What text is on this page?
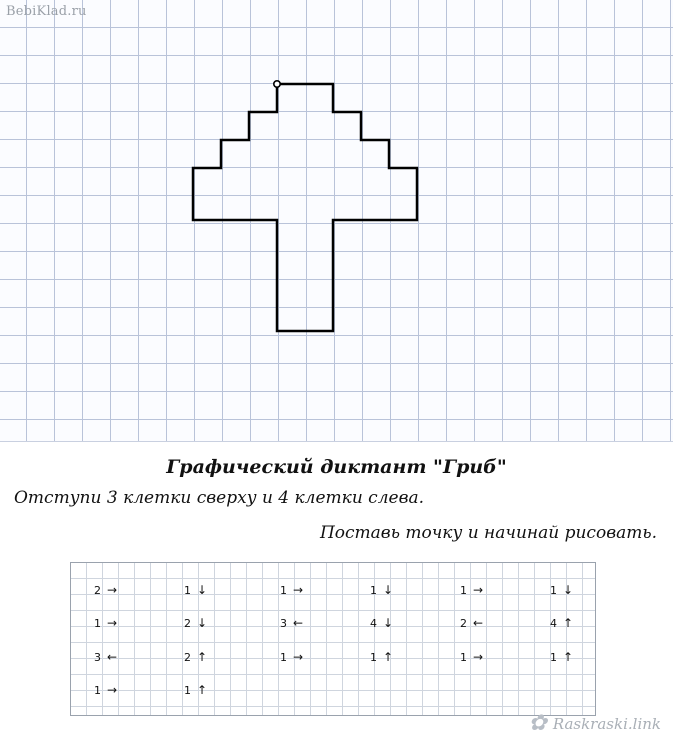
BebiKlad.ru
Графический диктант "Гриб"
Отступи 3 клетки сверху и 4 клетки слева.
Поставь точку и начинай рисовать.
2 →	1 ↓	1 →	1 ↓	1 →	1 ↓
1 →	2 ↓	3 ←	4 ↓	2 ←	4 ↑
3 ←	2 ↑	1 →	1 ↑	1 →	1 ↑
1 →	1 ↑
✿ Raskraski.link
